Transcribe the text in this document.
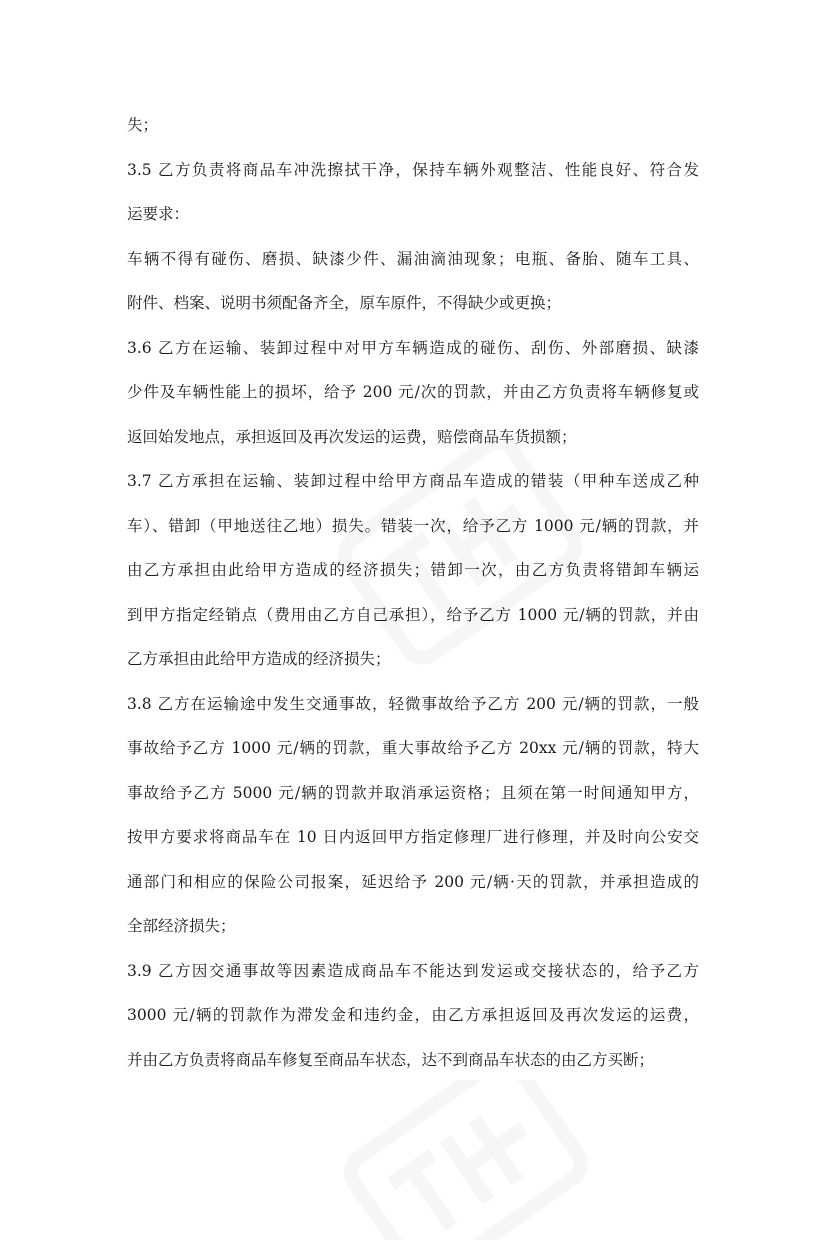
失；
3.5 乙方负责将商品车冲洗擦拭干净，保持车辆外观整洁、性能良好、符合发
运要求：
车辆不得有碰伤、磨损、缺漆少件、漏油滴油现象；电瓶、备胎、随车工具、
附件、档案、说明书须配备齐全，原车原件，不得缺少或更换；
3.6 乙方在运输、装卸过程中对甲方车辆造成的碰伤、刮伤、外部磨损、缺漆
少件及车辆性能上的损坏，给予 200 元/次的罚款，并由乙方负责将车辆修复或
返回始发地点，承担返回及再次发运的运费，赔偿商品车货损额；
3.7 乙方承担在运输、装卸过程中给甲方商品车造成的错装（甲种车送成乙种
车）、错卸（甲地送往乙地）损失。错装一次，给予乙方 1000 元/辆的罚款，并
由乙方承担由此给甲方造成的经济损失；错卸一次，由乙方负责将错卸车辆运
到甲方指定经销点（费用由乙方自己承担），给予乙方 1000 元/辆的罚款，并由
乙方承担由此给甲方造成的经济损失；
3.8 乙方在运输途中发生交通事故，轻微事故给予乙方 200 元/辆的罚款，一般
事故给予乙方 1000 元/辆的罚款，重大事故给予乙方 20xx 元/辆的罚款，特大
事故给予乙方 5000 元/辆的罚款并取消承运资格；且须在第一时间通知甲方，
按甲方要求将商品车在 10 日内返回甲方指定修理厂进行修理，并及时向公安交
通部门和相应的保险公司报案，延迟给予 200 元/辆·天的罚款，并承担造成的
全部经济损失；
3.9 乙方因交通事故等因素造成商品车不能达到发运或交接状态的，给予乙方
3000 元/辆的罚款作为滞发金和违约金，由乙方承担返回及再次发运的运费，
并由乙方负责将商品车修复至商品车状态，达不到商品车状态的由乙方买断；
